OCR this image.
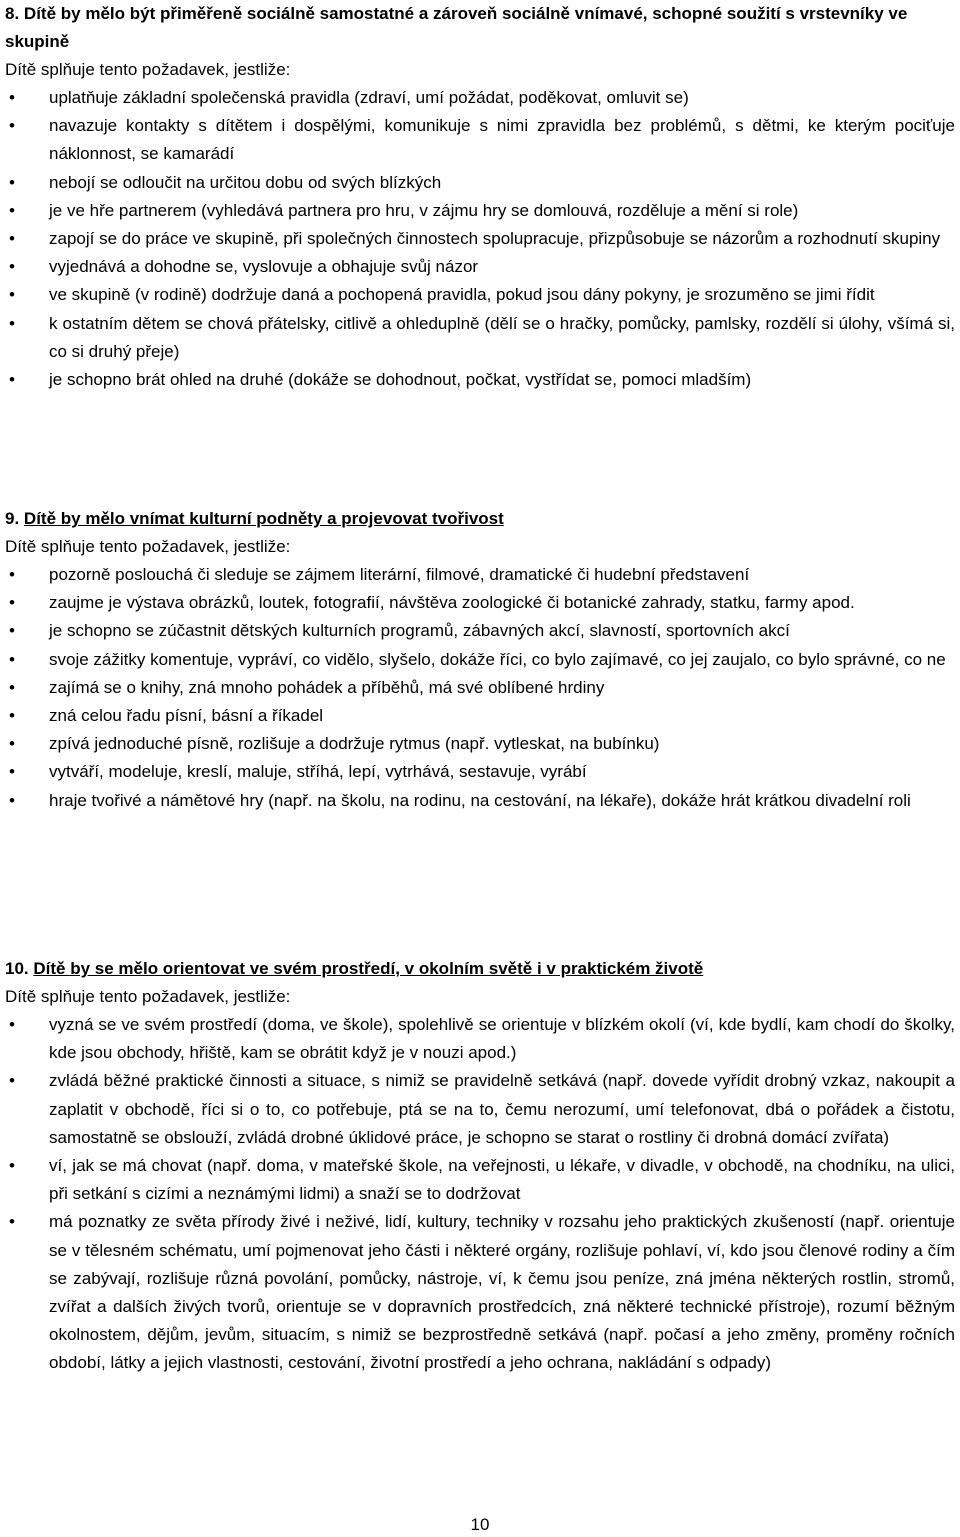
8. Dítě by mělo být přiměřeně sociálně samostatné a zároveň sociálně vnímavé, schopné soužití s vrstevníky ve skupině

Dítě splňuje tento požadavek, jestliže:

• uplatňuje základní společenská pravidla (zdraví, umí požádat, poděkovat, omluvit se)
• navazuje kontakty s dítětem i dospělými, komunikuje s nimi zpravidla bez problémů, s dětmi, ke kterým pociťuje náklonnost, se kamarádí
• nebojí se odloučit na určitou dobu od svých blízkých
• je ve hře partnerem (vyhledává partnera pro hru, v zájmu hry se domlouvá, rozděluje a mění si role)
• zapojí se do práce ve skupině, při společných činnostech spolupracuje, přizpůsobuje se názorům a rozhodnutí skupiny
• vyjednává a dohodne se, vyslovuje a obhajuje svůj názor
• ve skupině (v rodině) dodržuje daná a pochopená pravidla, pokud jsou dány pokyny, je srozuměno se jimi řídit
• k ostatním dětem se chová přátelsky, citlivě a ohleduplně (dělí se o hračky, pomůcky, pamlsky, rozdělí si úlohy, všímá si, co si druhý přeje)
• je schopno brát ohled na druhé (dokáže se dohodnout, počkat, vystřídat se, pomoci mladším)

9. Dítě by mělo vnímat kulturní podněty a projevovat tvořivost

Dítě splňuje tento požadavek, jestliže:

• pozorně poslouchá či sleduje se zájmem literární, filmové, dramatické či hudební představení
• zaujme je výstava obrázků, loutek, fotografií, návštěva zoologické či botanické zahrady, statku, farmy apod.
• je schopno se zúčastnit dětských kulturních programů, zábavných akcí, slavností, sportovních akcí
• svoje zážitky komentuje, vypráví, co vidělo, slyšelo, dokáže říci, co bylo zajímavé, co jej zaujalo, co bylo správné, co ne
• zajímá se o knihy, zná mnoho pohádek a příběhů, má své oblíbené hrdiny
• zná celou řadu písní, básní a říkadel
• zpívá jednoduché písně, rozlišuje a dodržuje rytmus (např. vytleskat, na bubínku)
• vytváří, modeluje, kreslí, maluje, stříhá, lepí, vytrhává, sestavuje, vyrábí
• hraje tvořivé a námětové hry (např. na školu, na rodinu, na cestování, na lékaře), dokáže hrát krátkou divadelní roli

10. Dítě by se mělo orientovat ve svém prostředí, v okolním světě i v praktickém životě

Dítě splňuje tento požadavek, jestliže:

• vyzná se ve svém prostředí (doma, ve škole), spolehlivě se orientuje v blízkém okolí (ví, kde bydlí, kam chodí do školky, kde jsou obchody, hřiště, kam se obrátit když je v nouzi apod.)
• zvládá běžné praktické činnosti a situace, s nimiž se pravidelně setkává (např. dovede vyřídit drobný vzkaz, nakoupit a zaplatit v obchodě, říci si o to, co potřebuje, ptá se na to, čemu nerozumí, umí telefonovat, dbá o pořádek a čistotu, samostatně se obslouží, zvládá drobné úklidové práce, je schopno se starat o rostliny či drobná domácí zvířata)
• ví, jak se má chovat (např. doma, v mateřské škole, na veřejnosti, u lékaře, v divadle, v obchodě, na chodníku, na ulici, při setkání s cizími a neznámými lidmi) a snaží se to dodržovat
• má poznatky ze světa přírody živé i neživé, lidí, kultury, techniky v rozsahu jeho praktických zkušeností (např. orientuje se v tělesném schématu, umí pojmenovat jeho části i některé orgány, rozlišuje pohlaví, ví, kdo jsou členové rodiny a čím se zabývají, rozlišuje různá povolání, pomůcky, nástroje, ví, k čemu jsou peníze, zná jména některých rostlin, stromů, zvířat a dalších živých tvorů, orientuje se v dopravních prostředcích, zná některé technické přístroje), rozumí běžným okolnostem, dějům, jevům, situacím, s nimiž se bezprostředně setkává (např. počasí a jeho změny, proměny ročních období, látky a jejich vlastnosti, cestování, životní prostředí a jeho ochrana, nakládání s odpady)
10
